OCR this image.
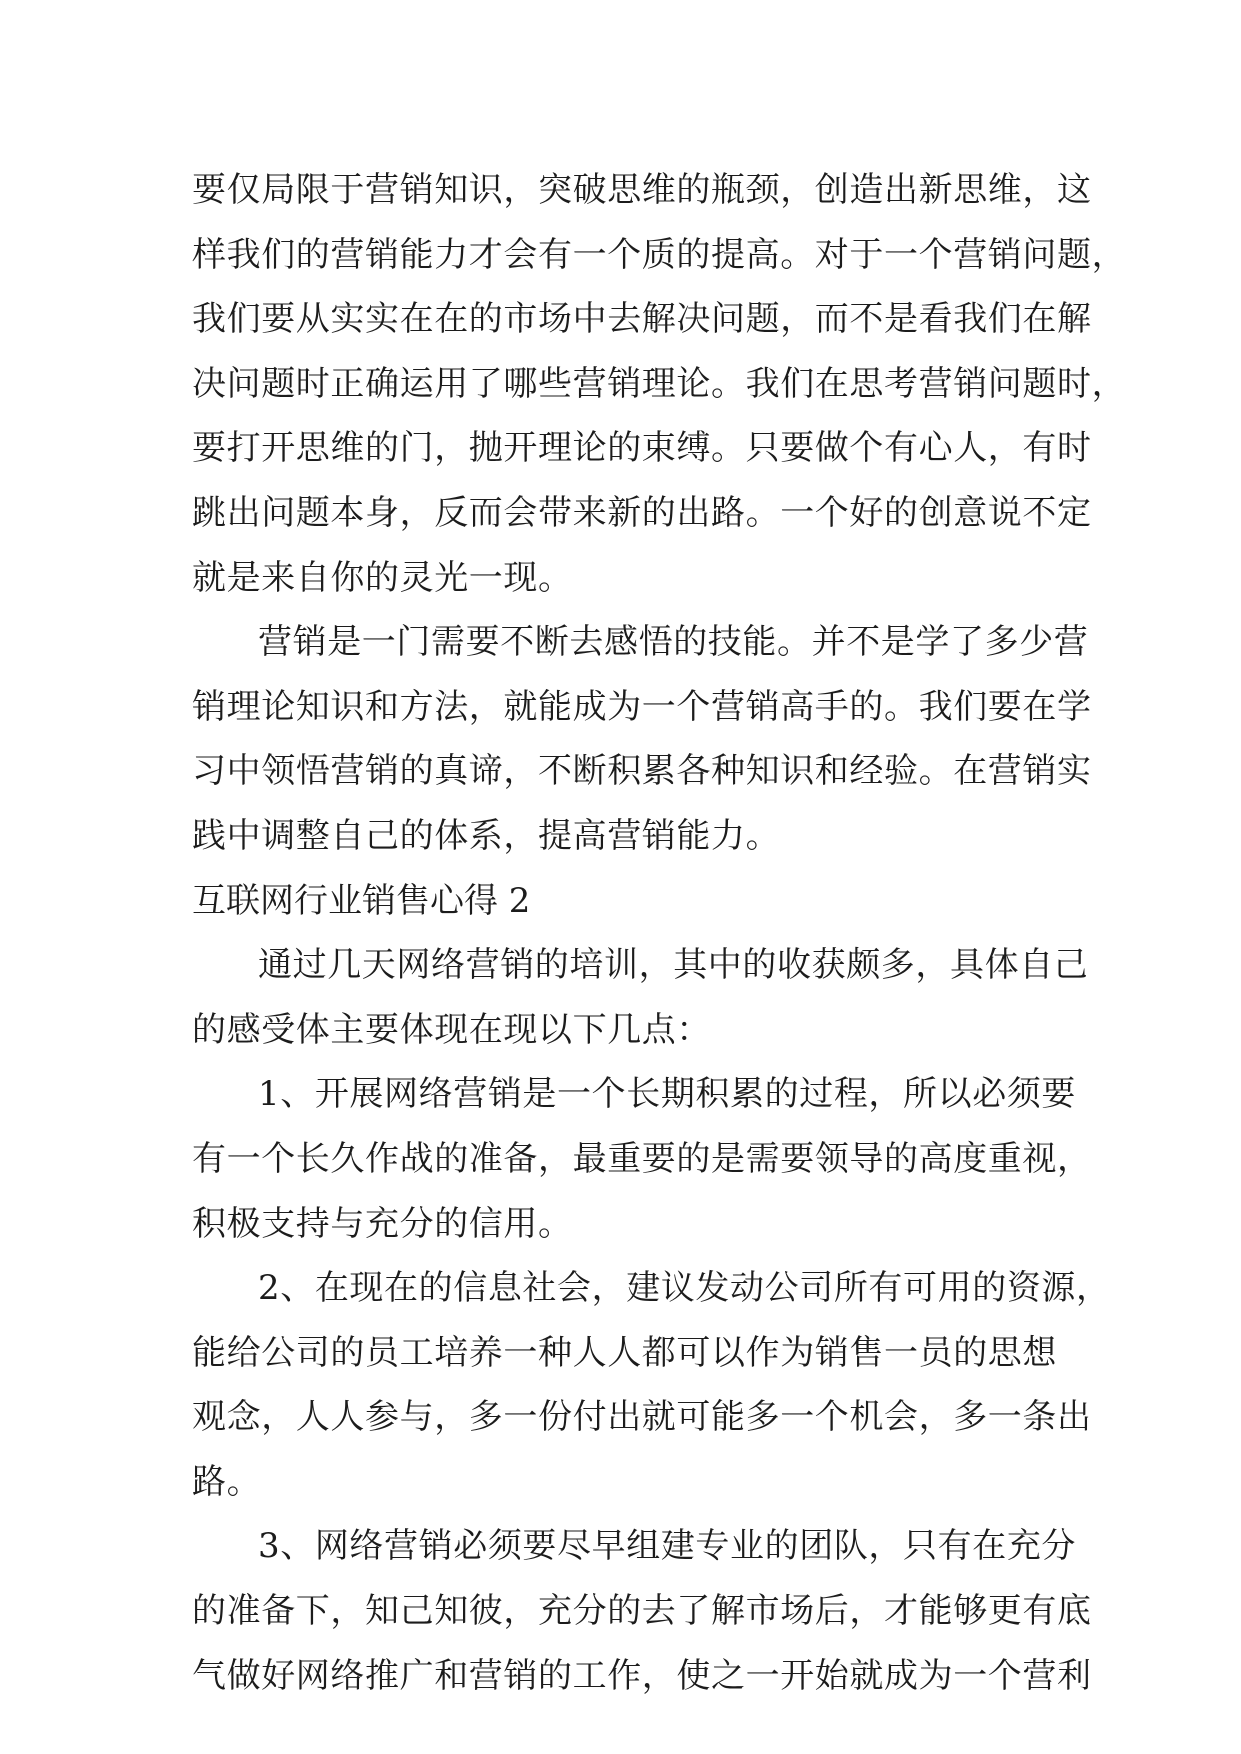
要仅局限于营销知识，突破思维的瓶颈，创造出新思维，这
样我们的营销能力才会有一个质的提高。对于一个营销问题，
我们要从实实在在的市场中去解决问题，而不是看我们在解
决问题时正确运用了哪些营销理论。我们在思考营销问题时，
要打开思维的门，抛开理论的束缚。只要做个有心人，有时
跳出问题本身，反而会带来新的出路。一个好的创意说不定
就是来自你的灵光一现。
营销是一门需要不断去感悟的技能。并不是学了多少营
销理论知识和方法，就能成为一个营销高手的。我们要在学
习中领悟营销的真谛，不断积累各种知识和经验。在营销实
践中调整自己的体系，提高营销能力。
互联网行业销售心得 2
通过几天网络营销的培训，其中的收获颇多，具体自己
的感受体主要体现在现以下几点：
1、开展网络营销是一个长期积累的过程，所以必须要
有一个长久作战的准备，最重要的是需要领导的高度重视，
积极支持与充分的信用。
2、在现在的信息社会，建议发动公司所有可用的资源，
能给公司的员工培养一种人人都可以作为销售一员的思想
观念，人人参与，多一份付出就可能多一个机会，多一条出
路。
3、网络营销必须要尽早组建专业的团队，只有在充分
的准备下，知己知彼，充分的去了解市场后，才能够更有底
气做好网络推广和营销的工作，使之一开始就成为一个营利
